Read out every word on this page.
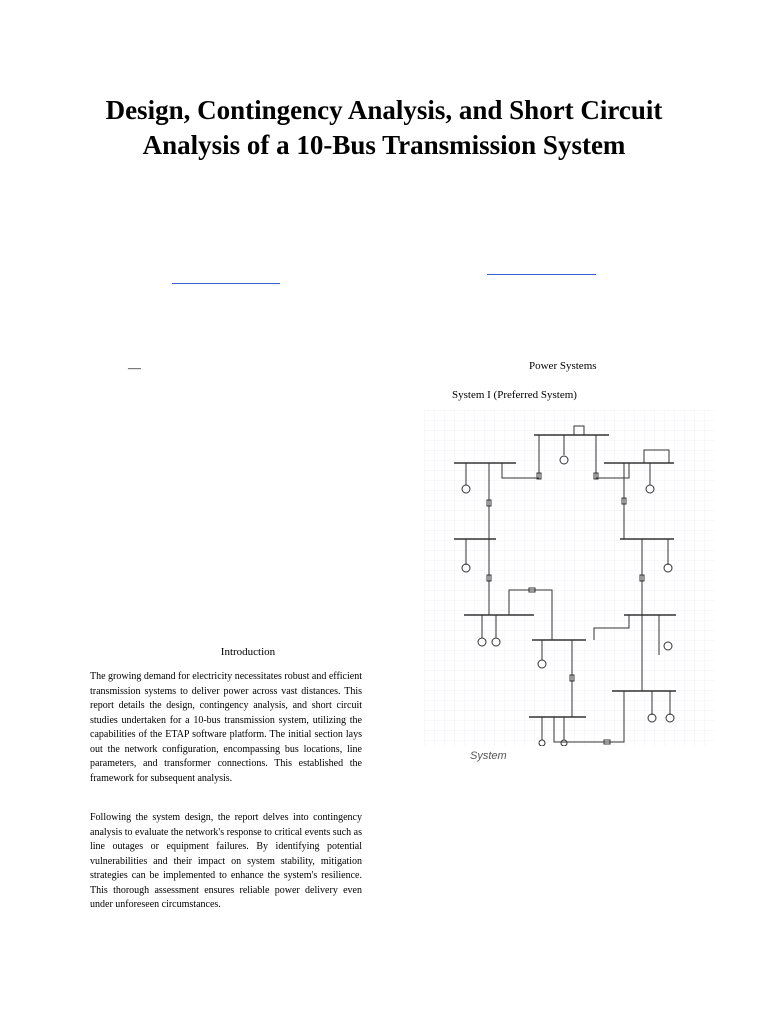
Design, Contingency Analysis, and Short Circuit Analysis of a 10-Bus Transmission System
—	Power Systems
System I (Preferred System)
System
Introduction
The growing demand for electricity necessitates robust and efficient transmission systems to deliver power across vast distances. This report details the design, contingency analysis, and short circuit studies undertaken for a 10-bus transmission system, utilizing the capabilities of the ETAP software platform. The initial section lays out the network configuration, encompassing bus locations, line parameters, and transformer connections. This established the framework for subsequent analysis.
Following the system design, the report delves into contingency analysis to evaluate the network's response to critical events such as line outages or equipment failures. By identifying potential vulnerabilities and their impact on system stability, mitigation strategies can be implemented to enhance the system's resilience. This thorough assessment ensures reliable power delivery even under unforeseen circumstances.
